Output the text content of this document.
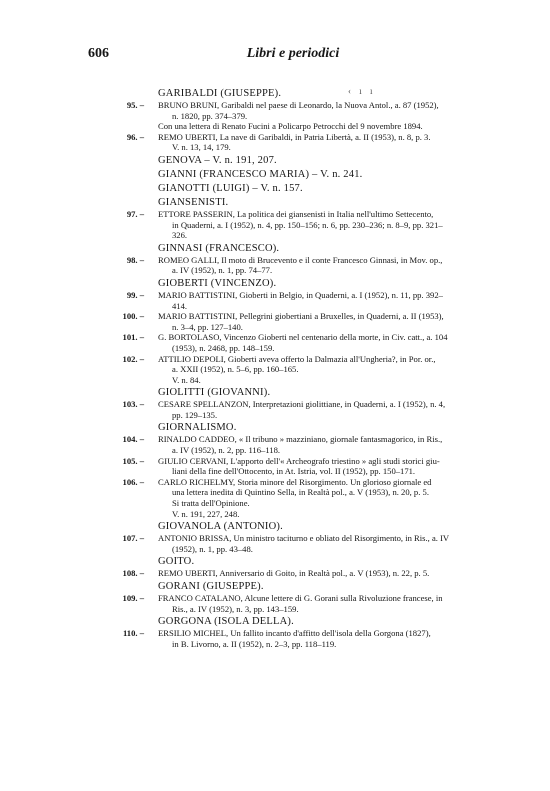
606	Libri e periodici
‹ ı ı
GARIBALDI (GIUSEPPE).
95. – BRUNO BRUNI, Garibaldi nel paese di Leonardo, la Nuova Antol., a. 87 (1952),
n. 1820, pp. 374–379.
Con una lettera di Renato Fucini a Policarpo Petrocchi del 9 novembre 1894.
96. – REMO UBERTI, La nave di Garibaldi, in Patria Libertà, a. II (1953), n. 8, p. 3.
V. n. 13, 14, 179.
GENOVA – V. n. 191, 207.
GIANNI (FRANCESCO MARIA) – V. n. 241.
GIANOTTI (LUIGI) – V. n. 157.
GIANSENISTI.
97. – ETTORE PASSERIN, La politica dei giansenisti in Italia nell'ultimo Settecento,
in Quaderni, a. I (1952), n. 4, pp. 150–156; n. 6, pp. 230–236; n. 8–9, pp. 321–
326.
GINNASI (FRANCESCO).
98. – ROMEO GALLI, Il moto di Brucevento e il conte Francesco Ginnasi, in Mov. op.,
a. IV (1952), n. 1, pp. 74–77.
GIOBERTI (VINCENZO).
99. – MARIO BATTISTINI, Gioberti in Belgio, in Quaderni, a. I (1952), n. 11, pp. 392–
414.
100. – MARIO BATTISTINI, Pellegrini giobertiani a Bruxelles, in Quaderni, a. II (1953),
n. 3–4, pp. 127–140.
101. – G. BORTOLASO, Vincenzo Gioberti nel centenario della morte, in Civ. catt., a. 104
(1953), n. 2468, pp. 148–159.
102. – ATTILIO DEPOLI, Gioberti aveva offerto la Dalmazia all'Ungheria?, in Por. or.,
a. XXII (1952), n. 5–6, pp. 160–165.
V. n. 84.
GIOLITTI (GIOVANNI).
103. – CESARE SPELLANZON, Interpretazioni giolittiane, in Quaderni, a. I (1952), n. 4,
pp. 129–135.
GIORNALISMO.
104. – RINALDO CADDEO, « Il tribuno » mazziniano, giornale fantasmagorico, in Ris.,
a. IV (1952), n. 2, pp. 116–118.
105. – GIULIO CERVANI, L'apporto dell'« Archeografo triestino » agli studi storici giu-
liani della fine dell'Ottocento, in At. Istria, vol. II (1952), pp. 150–171.
106. – CARLO RICHELMY, Storia minore del Risorgimento. Un glorioso giornale ed
una lettera inedita di Quintino Sella, in Realtà pol., a. V (1953), n. 20, p. 5.
Si tratta dell'Opinione.
V. n. 191, 227, 248.
GIOVANOLA (ANTONIO).
107. – ANTONIO BRISSA, Un ministro taciturno e obliato del Risorgimento, in Ris., a. IV
(1952), n. 1, pp. 43–48.
GOITO.
108. – REMO UBERTI, Anniversario di Goito, in Realtà pol., a. V (1953), n. 22, p. 5.
GORANI (GIUSEPPE).
109. – FRANCO CATALANO, Alcune lettere di G. Gorani sulla Rivoluzione francese, in
Ris., a. IV (1952), n. 3, pp. 143–159.
GORGONA (ISOLA DELLA).
110. – ERSILIO MICHEL, Un fallito incanto d'affitto dell'isola della Gorgona (1827),
in B. Livorno, a. II (1952), n. 2–3, pp. 118–119.
